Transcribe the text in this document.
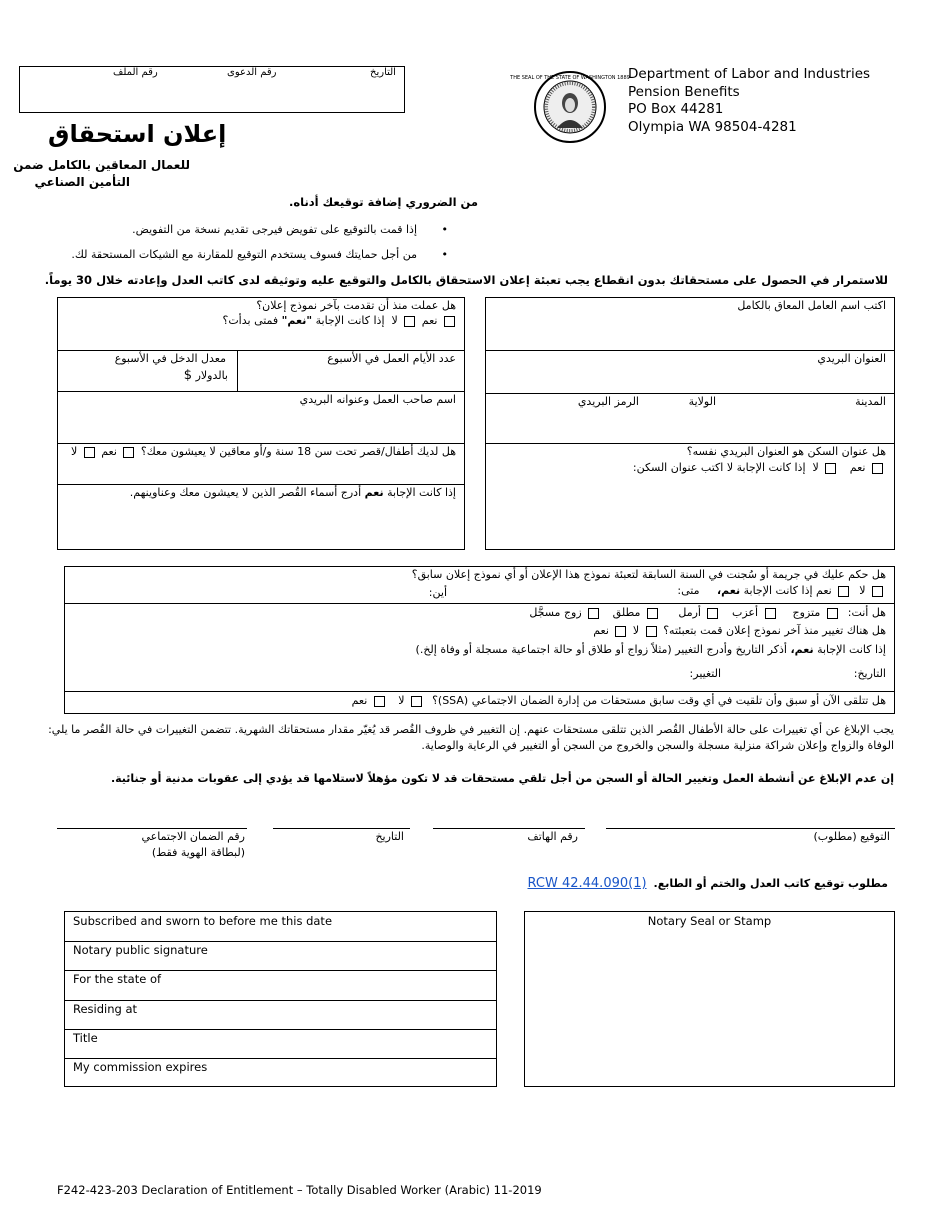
رقم الملف	رقم الدعوى	التاريخ	THE SEAL OF THE STATE OF WASHINGTON 1889
Department of Labor and Industries
Pension Benefits
PO Box 44281
Olympia WA 98504-4281
إعلان استحقاق
للعمال المعاقين بالكامل ضمن
التأمين الصناعي
من الضروري إضافة توقيعك أدناه.
•       إذا قمت بالتوقيع على تفويض فيرجى تقديم نسخة من التفويض.
•       من أجل حمايتك فسوف يستخدم التوقيع للمقارنة مع الشيكات المستحقة لك.
للاستمرار في الحصول على مستحقاتك بدون انقطاع يجب تعبئة إعلان الاستحقاق بالكامل والتوقيع عليه وتوثيقه لدى كاتب العدل وإعادته خلال 30 يوماً.
اكتب اسم العامل المعاق بالكامل
العنوان البريدي
المدينة
الولاية
الرمز البريدي
هل عنوان السكن هو العنوان البريدي نفسه؟
نعم    لا  إذا كانت الإجابة لا اكتب عنوان السكن:
هل عملت منذ أن تقدمت بآخر نموذج إعلان؟
نعم  لا  إذا كانت الإجابة "نعم" فمتى بدأت؟
عدد الأيام العمل في الأسبوع
معدل الدخل في الأسبوع
بالدولار $
اسم صاحب العمل وعنوانه البريدي
هل لديك أطفال/قصر تحت سن 18 سنة و/أو معاقين لا يعيشون معك؟  نعم  لا
إذا كانت الإجابة نعم أدرج أسماء القُصر الذين لا يعيشون معك وعناوينهم.
هل حكم عليك في جريمة أو سُجنت في السنة السابقة لتعبئة نموذج هذا الإعلان أو أي نموذج إعلان سابق؟
لا   نعم إذا كانت الإجابة نعم،     متى:
أين:
هل أنت:   متزوج     أعزب    أرمل      مطلق    زوج مسجَّل
هل هناك تغيير منذ آخر نموذج إعلان قمت بتعبئته؟  لا  نعم
إذا كانت الإجابة نعم، أذكر التاريخ وأدرج التغيير (مثلاً زواج أو طلاق أو حالة اجتماعية مسجلة أو وفاة إلخ.)
التاريخ:
التغيير:
هل تتلقى الآن أو سبق وأن تلقيت في أي وقت سابق مستحقات من إدارة الضمان الاجتماعي (SSA)؟   لا    نعم
يجب الإبلاغ عن أي تغييرات على حالة الأطفال القُصر الذين تتلقى مستحقات عنهم. إن التغيير في ظروف القُصر قد يُغيّر مقدار مستحقاتك الشهرية. تتضمن التغييرات في حالة القُصر ما يلي:
الوفاة والزواج وإعلان شراكة منزلية مسجلة والسجن والخروج من السجن أو التغيير في الرعاية والوصاية.
إن عدم الإبلاغ عن أنشطة العمل وتغيير الحالة أو السجن من أجل تلقي مستحقات قد لا تكون مؤهلاً لاستلامها قد يؤدي إلى عقوبات مدنية أو جنائية.
رقم الضمان الاجتماعي
(لبطاقة الهوية فقط)
التاريخ	رقم الهاتف	التوقيع (مطلوب)
مطلوب توقيع كاتب العدل والختم أو الطابع.  RCW 42.44.090(1)
Subscribed and sworn to before me this date
Notary public signature
For the state of
Residing at
Title
My commission expires
Notary Seal or Stamp
F242-423-203 Declaration of Entitlement – Totally Disabled Worker (Arabic) 11-2019
